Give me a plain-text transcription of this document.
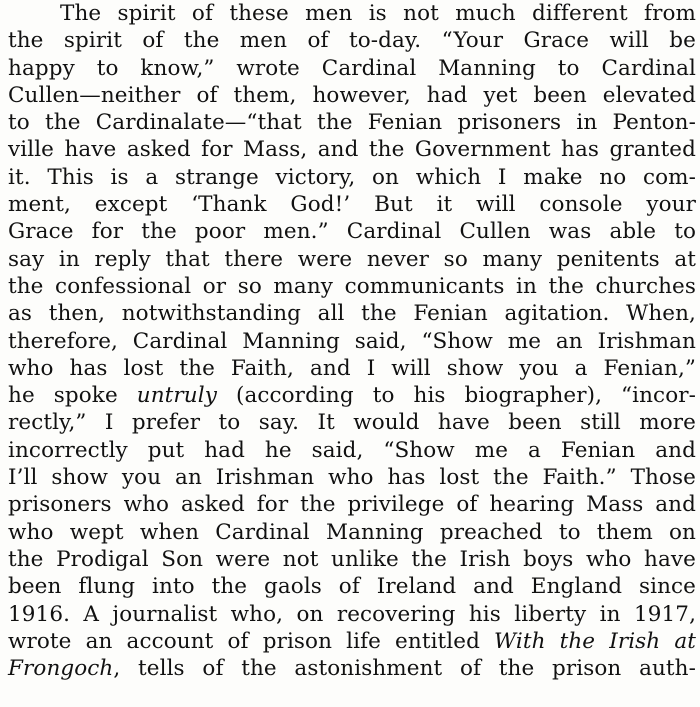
The spirit of these men is not much different from
the spirit of the men of to-day. “Your Grace will be
happy to know,” wrote Cardinal Manning to Cardinal
Cullen—neither of them, however, had yet been elevated
to the Cardinalate—“that the Fenian prisoners in Penton-
ville have asked for Mass, and the Government has granted
it. This is a strange victory, on which I make no com-
ment, except ‘Thank God!’ But it will console your
Grace for the poor men.” Cardinal Cullen was able to
say in reply that there were never so many penitents at
the confessional or so many communicants in the churches
as then, notwithstanding all the Fenian agitation. When,
therefore, Cardinal Manning said, “Show me an Irishman
who has lost the Faith, and I will show you a Fenian,”
he spoke untruly (according to his biographer), “incor-
rectly,” I prefer to say. It would have been still more
incorrectly put had he said, “Show me a Fenian and
I’ll show you an Irishman who has lost the Faith.” Those
prisoners who asked for the privilege of hearing Mass and
who wept when Cardinal Manning preached to them on
the Prodigal Son were not unlike the Irish boys who have
been flung into the gaols of Ireland and England since
1916. A journalist who, on recovering his liberty in 1917,
wrote an account of prison life entitled With the Irish at
Frongoch, tells of the astonishment of the prison auth-
